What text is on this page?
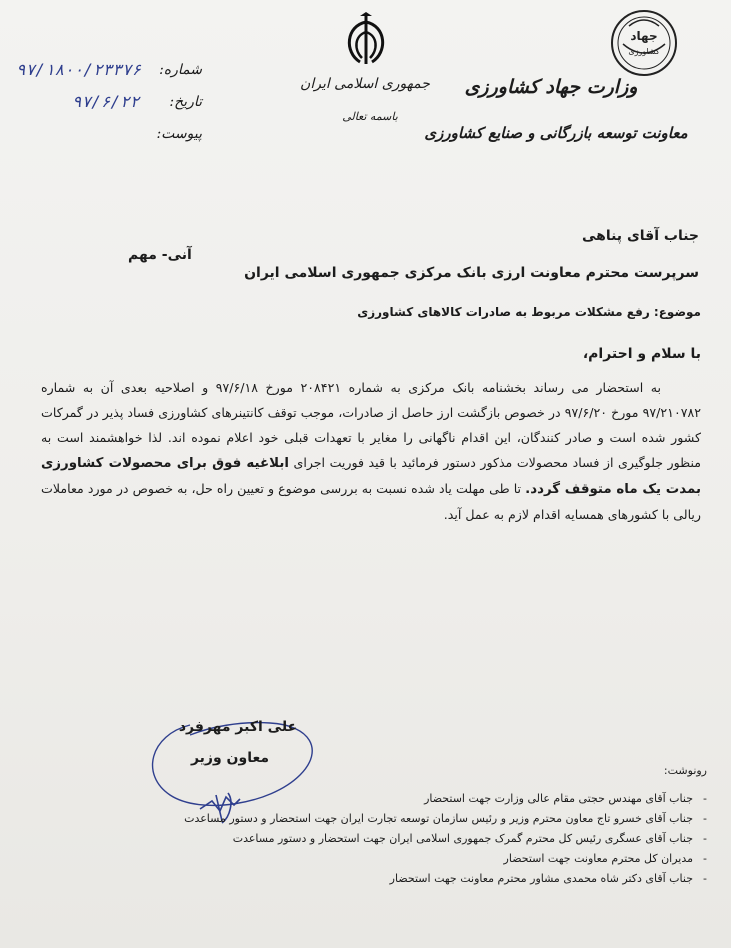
جهاد
کشاورزی
وزارت جهاد کشاورزی
معاونت توسعه بازرگانی و صنایع کشاورزی
جمهوری اسلامی ایران
باسمه تعالی
شماره:
۹۷/۱۸۰۰/۲۳۳۷۶
تاریخ:
۹۷/۶/۲۲
پیوست:
جناب آقای پناهی
آنی- مهم
سرپرست محترم معاونت ارزی بانک مرکزی جمهوری اسلامی ایران
موضوع: رفع مشکلات مربوط به صادرات کالاهای کشاورزی
با سلام و احترام،
به استحضار می رساند بخشنامه بانک مرکزی به شماره ۲۰۸۴۲۱ مورخ ۹۷/۶/۱۸ و اصلاحیه بعدی آن به شماره ۹۷/۲۱۰۷۸۲ مورخ ۹۷/۶/۲۰ در خصوص بازگشت ارز حاصل از صادرات، موجب توقف کانتینرهای کشاورزی فساد پذیر در گمرکات کشور شده است و صادر کنندگان، این اقدام ناگهانی را مغایر با تعهدات قبلی خود اعلام نموده اند. لذا خواهشمند است به منظور جلوگیری از فساد محصولات مذکور دستور فرمائید با قید فوریت اجرای ابلاغیه فوق برای محصولات کشاورزی بمدت یک ماه متوقف گردد. تا طی مهلت یاد شده نسبت به بررسی موضوع و تعیین راه حل، به خصوص در مورد معاملات ریالی با کشورهای همسایه اقدام لازم به عمل آید.
علی اکبر مهرفرد
معاون وزیر
رونوشت:
- جناب آقای مهندس حجتی مقام عالی وزارت جهت استحضار
- جناب آقای خسرو تاج معاون محترم وزیر و رئیس سازمان توسعه تجارت ایران جهت استحضار و دستور مساعدت
- جناب آقای عسگری رئیس کل محترم گمرک جمهوری اسلامی ایران جهت استحضار و دستور مساعدت
- مدیران کل محترم معاونت جهت استحضار
- جناب آقای دکتر شاه محمدی مشاور محترم معاونت جهت استحضار
